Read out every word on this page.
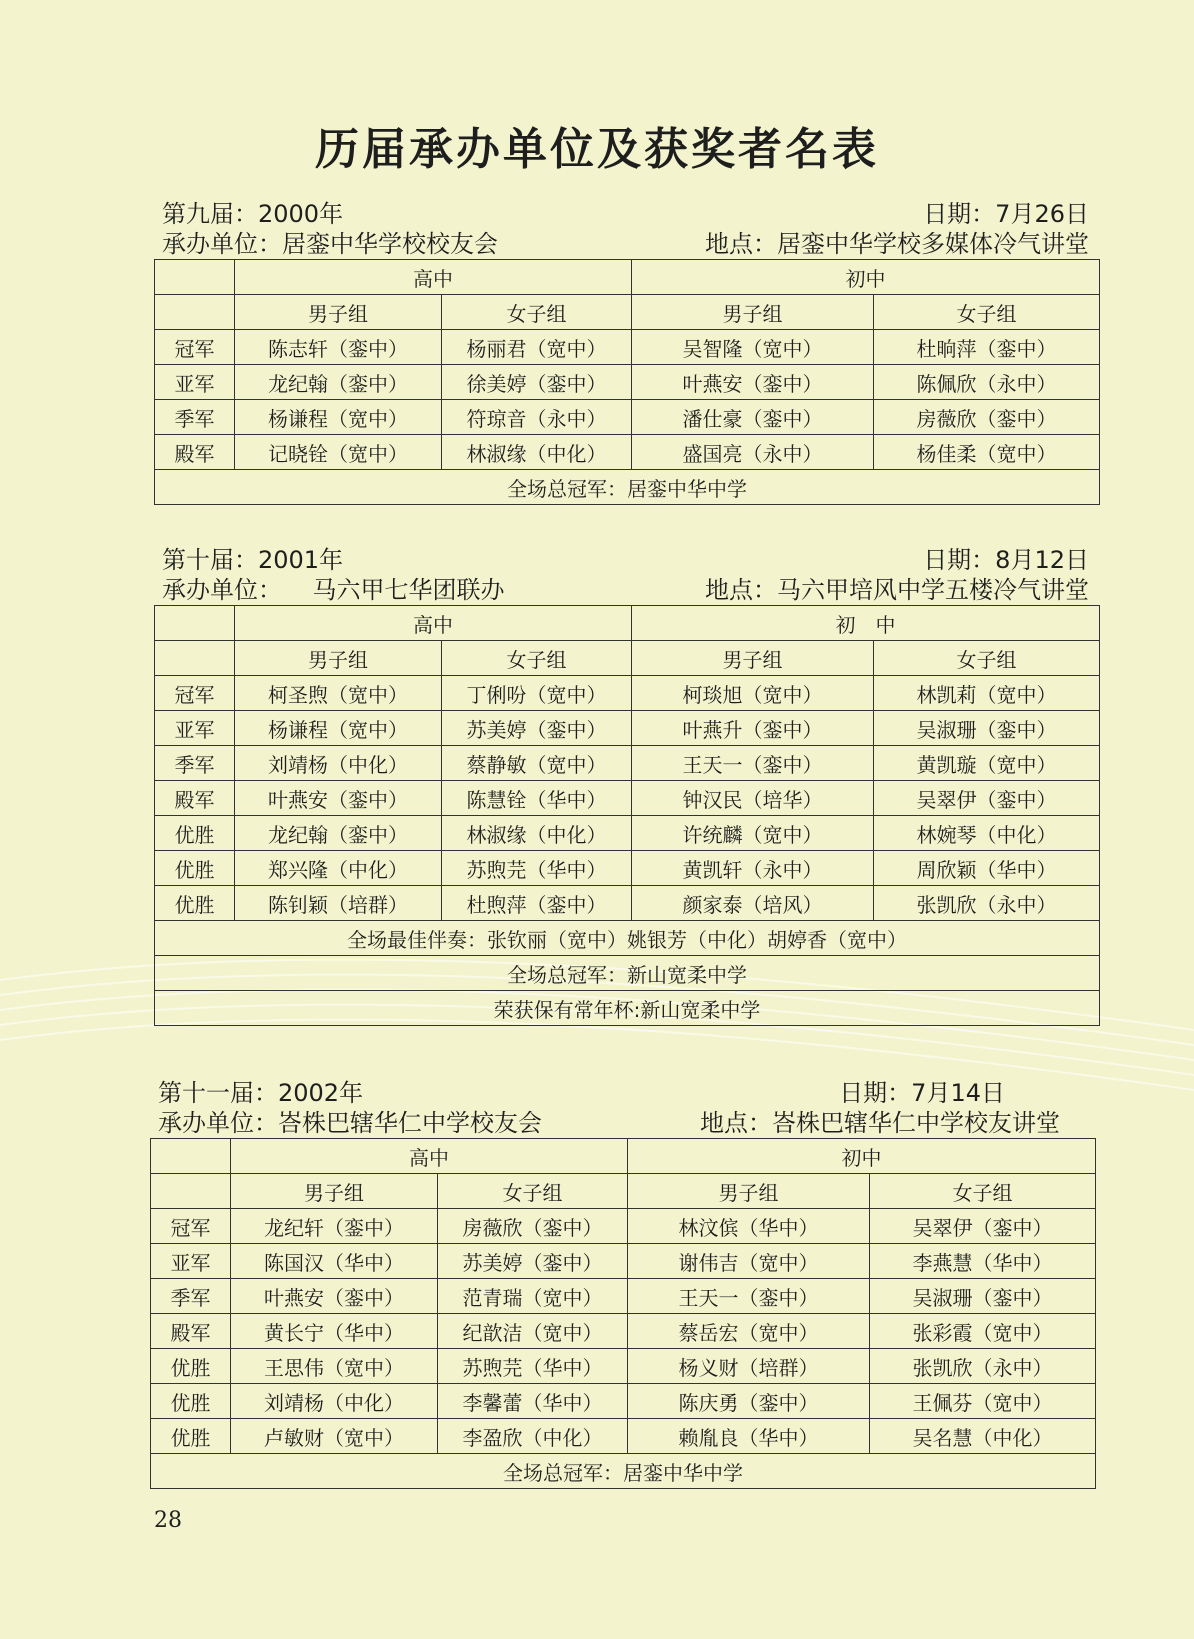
历届承办单位及获奖者名表
第九届：2000年	日期：7月26日
承办单位：居銮中华学校校友会	地点：居銮中华学校多媒体冷气讲堂
	高中		初中	
	男子组	女子组	男子组	女子组
冠军	陈志轩（銮中）	杨丽君（宽中）	吴智隆（宽中）	杜晌萍（銮中）
亚军	龙纪翰（銮中）	徐美婷（銮中）	叶燕安（銮中）	陈佩欣（永中）
季军	杨谦程（宽中）	符琼音（永中）	潘仕豪（銮中）	房薇欣（銮中）
殿军	记晓铨（宽中）	林淑缘（中化）	盛国亮（永中）	杨佳柔（宽中）
全场总冠军：居銮中华中学				
第十届：2001年	日期：8月12日
承办单位：    马六甲七华团联办	地点：马六甲培风中学五楼冷气讲堂
	高中		初　中	
	男子组	女子组	男子组	女子组
冠军	柯圣煦（宽中）	丁俐吩（宽中）	柯琰旭（宽中）	林凯莉（宽中）
亚军	杨谦程（宽中）	苏美婷（銮中）	叶燕升（銮中）	吴淑珊（銮中）
季军	刘靖杨（中化）	蔡静敏（宽中）	王天一（銮中）	黄凯璇（宽中）
殿军	叶燕安（銮中）	陈慧铨（华中）	钟汉民（培华）	吴翠伊（銮中）
优胜	龙纪翰（銮中）	林淑缘（中化）	许统麟（宽中）	林婉琴（中化）
优胜	郑兴隆（中化）	苏煦芫（华中）	黄凯轩（永中）	周欣颖（华中）
优胜	陈钊颖（培群）	杜煦萍（銮中）	颜家泰（培风）	张凯欣（永中）
全场最佳伴奏：张钦丽（宽中）姚银芳（中化）胡婷香（宽中）				
全场总冠军：新山宽柔中学				
荣获保有常年杯:新山宽柔中学				
第十一届：2002年	日期：7月14日
承办单位：峇株巴辖华仁中学校友会	地点：峇株巴辖华仁中学校友讲堂
	高中		初中	
	男子组	女子组	男子组	女子组
冠军	龙纪轩（銮中）	房薇欣（銮中）	林汶傧（华中）	吴翠伊（銮中）
亚军	陈国汉（华中）	苏美婷（銮中）	谢伟吉（宽中）	李燕慧（华中）
季军	叶燕安（銮中）	范青瑞（宽中）	王天一（銮中）	吴淑珊（銮中）
殿军	黄长宁（华中）	纪歆洁（宽中）	蔡岳宏（宽中）	张彩霞（宽中）
优胜	王思伟（宽中）	苏煦芫（华中）	杨义财（培群）	张凯欣（永中）
优胜	刘靖杨（中化）	李馨蕾（华中）	陈庆勇（銮中）	王佩芬（宽中）
优胜	卢敏财（宽中）	李盈欣（中化）	赖胤良（华中）	吴名慧（中化）
全场总冠军：居銮中华中学				
28
